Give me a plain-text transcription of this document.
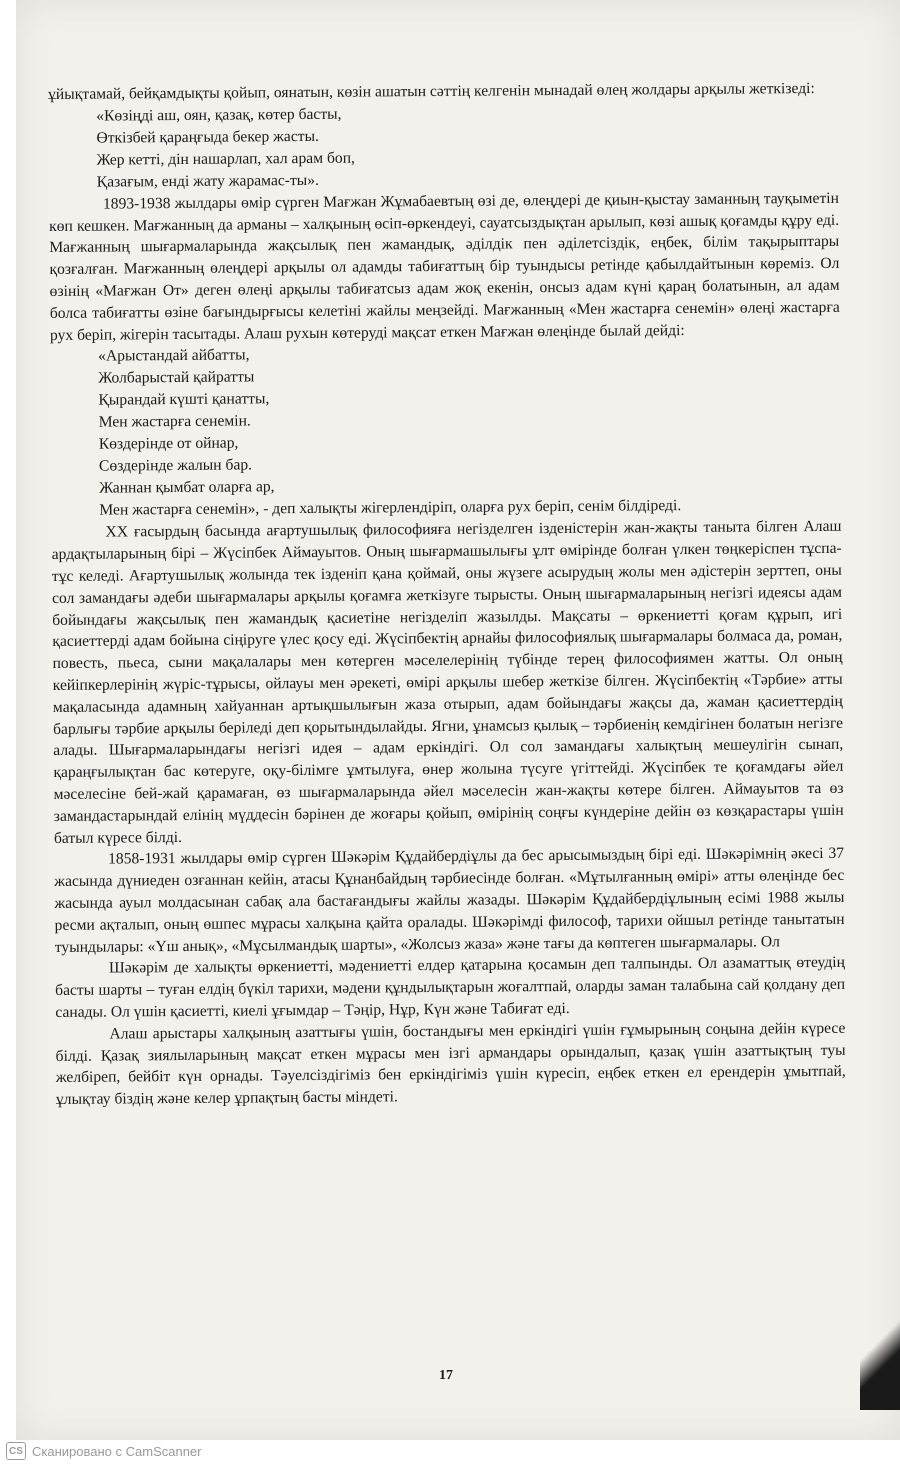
ұйықтамай, бейқамдықты қойып, оянатын, көзін ашатын сәттің келгенін мынадай өлең жолдары арқылы жеткізеді:

«Көзіңді аш, оян, қазақ, көтер басты,
Өткізбей қараңғыда бекер жасты.
Жер кетті, дін нашарлап, хал арам боп,
Қазағым, енді жату жарамас-ты».

1893-1938 жылдары өмір сүрген Мағжан Жұмабаевтың өзі де, өлеңдері де қиын-қыстау заманның тауқыметін көп кешкен. Мағжанның да арманы – халқының өсіп-өркендеуі, сауатсыздықтан арылып, көзі ашық қоғамды құру еді. Мағжанның шығармаларында жақсылық пен жамандық, әділдік пен әділетсіздік, еңбек, білім тақырыптары қозғалған. Мағжанның өлеңдері арқылы ол адамды табиғаттың бір туындысы ретінде қабылдайтынын көреміз. Ол өзінің «Мағжан От» деген өлеңі арқылы табиғатсыз адам жоқ екенін, онсыз адам күні қараң болатынын, ал адам болса табиғатты өзіне бағындырғысы келетіні жайлы меңзейді. Мағжанның «Мен жастарға сенемін» өлеңі жастарға рух беріп, жігерін тасытады. Алаш рухын көтеруді мақсат еткен Мағжан өлеңінде былай дейді:

«Арыстандай айбатты,
Жолбарыстай қайратты
Қырандай күшті қанатты,
Мен жастарға сенемін.
Көздерінде от ойнар,
Сөздерінде жалын бар.
Жаннан қымбат оларға ар,
Мен жастарға сенемін», - деп халықты жігерлендіріп, оларға рух беріп, сенім білдіреді.

XX ғасырдың басында ағартушылық философияға негізделген ізденістерін жан-жақты таныта білген Алаш ардақтыларының бірі – Жүсіпбек Аймауытов. Оның шығармашылығы ұлт өмірінде болған үлкен төңкеріспен тұспа-тұс келеді. Ағартушылық жолында тек ізденіп қана қоймай, оны жүзеге асырудың жолы мен әдістерін зерттеп, оны сол замандағы әдеби шығармалары арқылы қоғамға жеткізуге тырысты. Оның шығармаларының негізгі идеясы адам бойындағы жақсылық пен жамандық қасиетіне негізделіп жазылды. Мақсаты – өркениетті қоғам құрып, игі қасиеттерді адам бойына сіңіруге үлес қосу еді. Жүсіпбектің арнайы философиялық шығармалары болмаса да, роман, повесть, пьеса, сыни мақалалары мен көтерген мәселелерінің түбінде терең философиямен жатты. Ол оның кейіпкерлерінің жүріс-тұрысы, ойлауы мен әрекеті, өмірі арқылы шебер жеткізе білген. Жүсіпбектің «Тәрбие» атты мақаласында адамның хайуаннан артықшылығын жаза отырып, адам бойындағы жақсы да, жаман қасиеттердің барлығы тәрбие арқылы беріледі деп қорытындылайды. Ягни, ұнамсыз қылық – тәрбиенің кемдігінен болатын негізге алады. Шығармаларындағы негізгі идея – адам еркіндігі. Ол сол замандағы халықтың мешеулігін сынап, қараңғылықтан бас көтеруге, оқу-білімге ұмтылуға, өнер жолына түсуге үгіттейді. Жүсіпбек те қоғамдағы әйел мәселесіне бей-жай қарамаған, өз шығармаларында әйел мәселесін жан-жақты көтере білген. Аймауытов та өз замандастарындай елінің мүддесін бәрінен де жоғары қойып, өмірінің соңғы күндеріне дейін өз көзқарастары үшін батыл күресе білді.

1858-1931 жылдары өмір сүрген Шәкәрім Құдайбердіұлы да бес арысымыздың бірі еді. Шәкәрімнің әкесі 37 жасында дүниеден озғаннан кейін, атасы Құнанбайдың тәрбиесінде болған. «Мұтылғанның өмірі» атты өлеңінде бес жасында ауыл молдасынан сабақ ала бастағандығы жайлы жазады. Шәкәрім Құдайбердіұлының есімі 1988 жылы ресми ақталып, оның өшпес мұрасы халқына қайта оралады. Шәкәрімді философ, тарихи ойшыл ретінде танытатын туындылары: «Үш анық», «Мұсылмандық шарты», «Жолсыз жаза» және тағы да көптеген шығармалары. Ол

Шәкәрім де халықты өркениетті, мәдениетті елдер қатарына қосамын деп талпынды. Ол азаматтық өтеудің басты шарты – туған елдің бүкіл тарихи, мәдени құндылықтарын жоғалтпай, оларды заман талабына сай қолдану деп санады. Ол үшін қасиетті, киелі ұғымдар – Тәңір, Нұр, Күн және Табиғат еді.

Алаш арыстары халқының азаттығы үшін, бостандығы мен еркіндігі үшін ғұмырының соңына дейін күресе білді. Қазақ зиялыларының мақсат еткен мұрасы мен ізгі армандары орындалып, қазақ үшін азаттықтың туы желбіреп, бейбіт күн орнады. Тәуелсіздігіміз бен еркіндігіміз үшін күресіп, еңбек еткен ел ерендерін ұмытпай, ұлықтау біздің және келер ұрпақтың басты міндеті.

17
CS Сканировано с CamScanner
